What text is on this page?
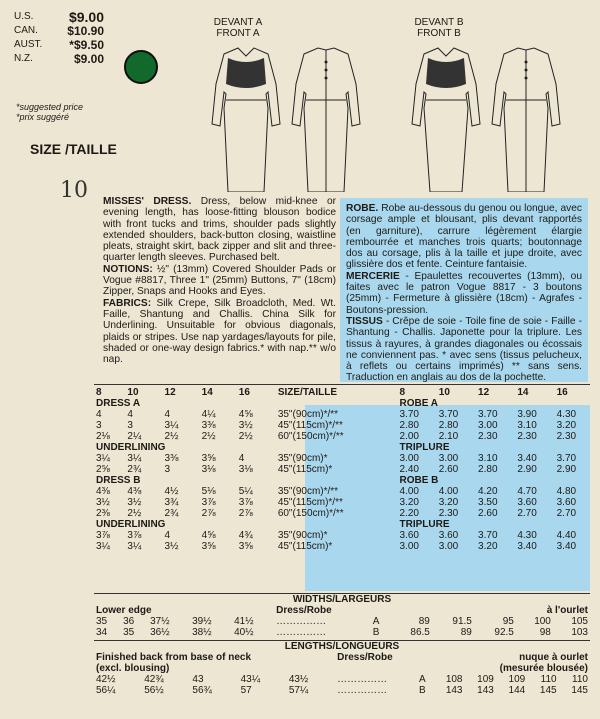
U.S.	$9.00
CAN.	$10.90
AUST.	*$9.50
N.Z.	$9.00
*suggested price
*prix suggéré
SIZE /TAILLE
10
DEVANT A
FRONT A
DEVANT B
FRONT B
MISSES' DRESS. Dress, below mid-knee or evening length, has loose-fitting blouson bodice with front tucks and trims, shoulder pads slightly extended shoulders, back-button closing, waistline pleats, straight skirt, back zipper and slit and three-quarter length sleeves. Purchased belt.
NOTIONS: ½" (13mm) Covered Shoulder Pads or Vogue #8817, Three 1" (25mm) Buttons, 7" (18cm) Zipper, Snaps and Hooks and Eyes.
FABRICS: Silk Crepe, Silk Broadcloth, Med. Wt. Faille, Shantung and Challis. China Silk for Underlining. Unsuitable for obvious diagonals, plaids or stripes. Use nap yardages/layouts for pile, shaded or one-way design fabrics.* with nap.** w/o nap.
ROBE. Robe au-dessous du genou ou longue, avec corsage ample et blousant, plis devant rapportés (en garniture), carrure légèrement élargie rembourrée et manches trois quarts; boutonnage dos au corsage, plis à la taille et jupe droite, avec glissière dos et fente. Ceinture fantaisie.
MERCERIE - Epaulettes recouvertes (13mm), ou faites avec le patron Vogue 8817 - 3 boutons (25mm) - Fermeture à glissière (18cm) - Agrafes - Boutons-pression.
TISSUS - Crêpe de soie - Toile fine de soie - Faille - Shantung - Challis. Japonette pour la triplure. Les tissus à rayures, à grandes diagonales ou écossais ne conviennent pas. * avec sens (tissus pelucheux, à reflets ou certains imprimés) ** sans sens. Traduction en anglais au dos de la pochette.
8	10	12	14	16	SIZE/TAILLE	8	10	12	14	16
DRESS A						ROBE A				
4	4	4	4¼	4⅝	35"(90cm)*/**	3.70	3.70	3.70	3.90	4.30
3	3	3¼	3⅜	3½	45"(115cm)*/**	2.80	2.80	3.00	3.10	3.20
2⅛	2¼	2½	2½	2½	60"(150cm)*/**	2.00	2.10	2.30	2.30	2.30
UNDERLINING						TRIPLURE				
3¼	3¼	3⅜	3⅝	4	35"(90cm)*	3.00	3.00	3.10	3.40	3.70
2⅝	2¾	3	3⅛	3⅛	45"(115cm)*	2.40	2.60	2.80	2.90	2.90
DRESS B						ROBE B				
4⅜	4⅜	4½	5⅛	5¼	35"(90cm)*/**	4.00	4.00	4.20	4.70	4.80
3½	3½	3¾	3⅞	3⅞	45"(115cm)*/**	3.20	3.20	3.50	3.60	3.60
2⅜	2½	2¾	2⅞	2⅞	60"(150cm)*/**	2.20	2.30	2.60	2.70	2.70
UNDERLINING						TRIPLURE				
3⅞	3⅞	4	4⅝	4¾	35"(90cm)*	3.60	3.60	3.70	4.30	4.40
3¼	3¼	3½	3⅝	3⅝	45"(115cm)*	3.00	3.00	3.20	3.40	3.40
WIDTHS/LARGEURS											
Lower edge					Dress/Robe		à l'ourlet				
35	36	37½	39½	41½	……………	A	89	91.5	95	100	105
34	35	36½	38½	40½	……………	B	86.5	89	92.5	98	103
LENGTHS/LONGUEURS											
Finished back from base of neck					Dress/Robe		nuque à ourlet				
(excl. blousing)							(mesurée blousée)				
42½	42¾	43	43¼	43½	……………	A	108	109	109	110	110
56¼	56½	56¾	57	57¼	……………	B	143	143	144	145	145
